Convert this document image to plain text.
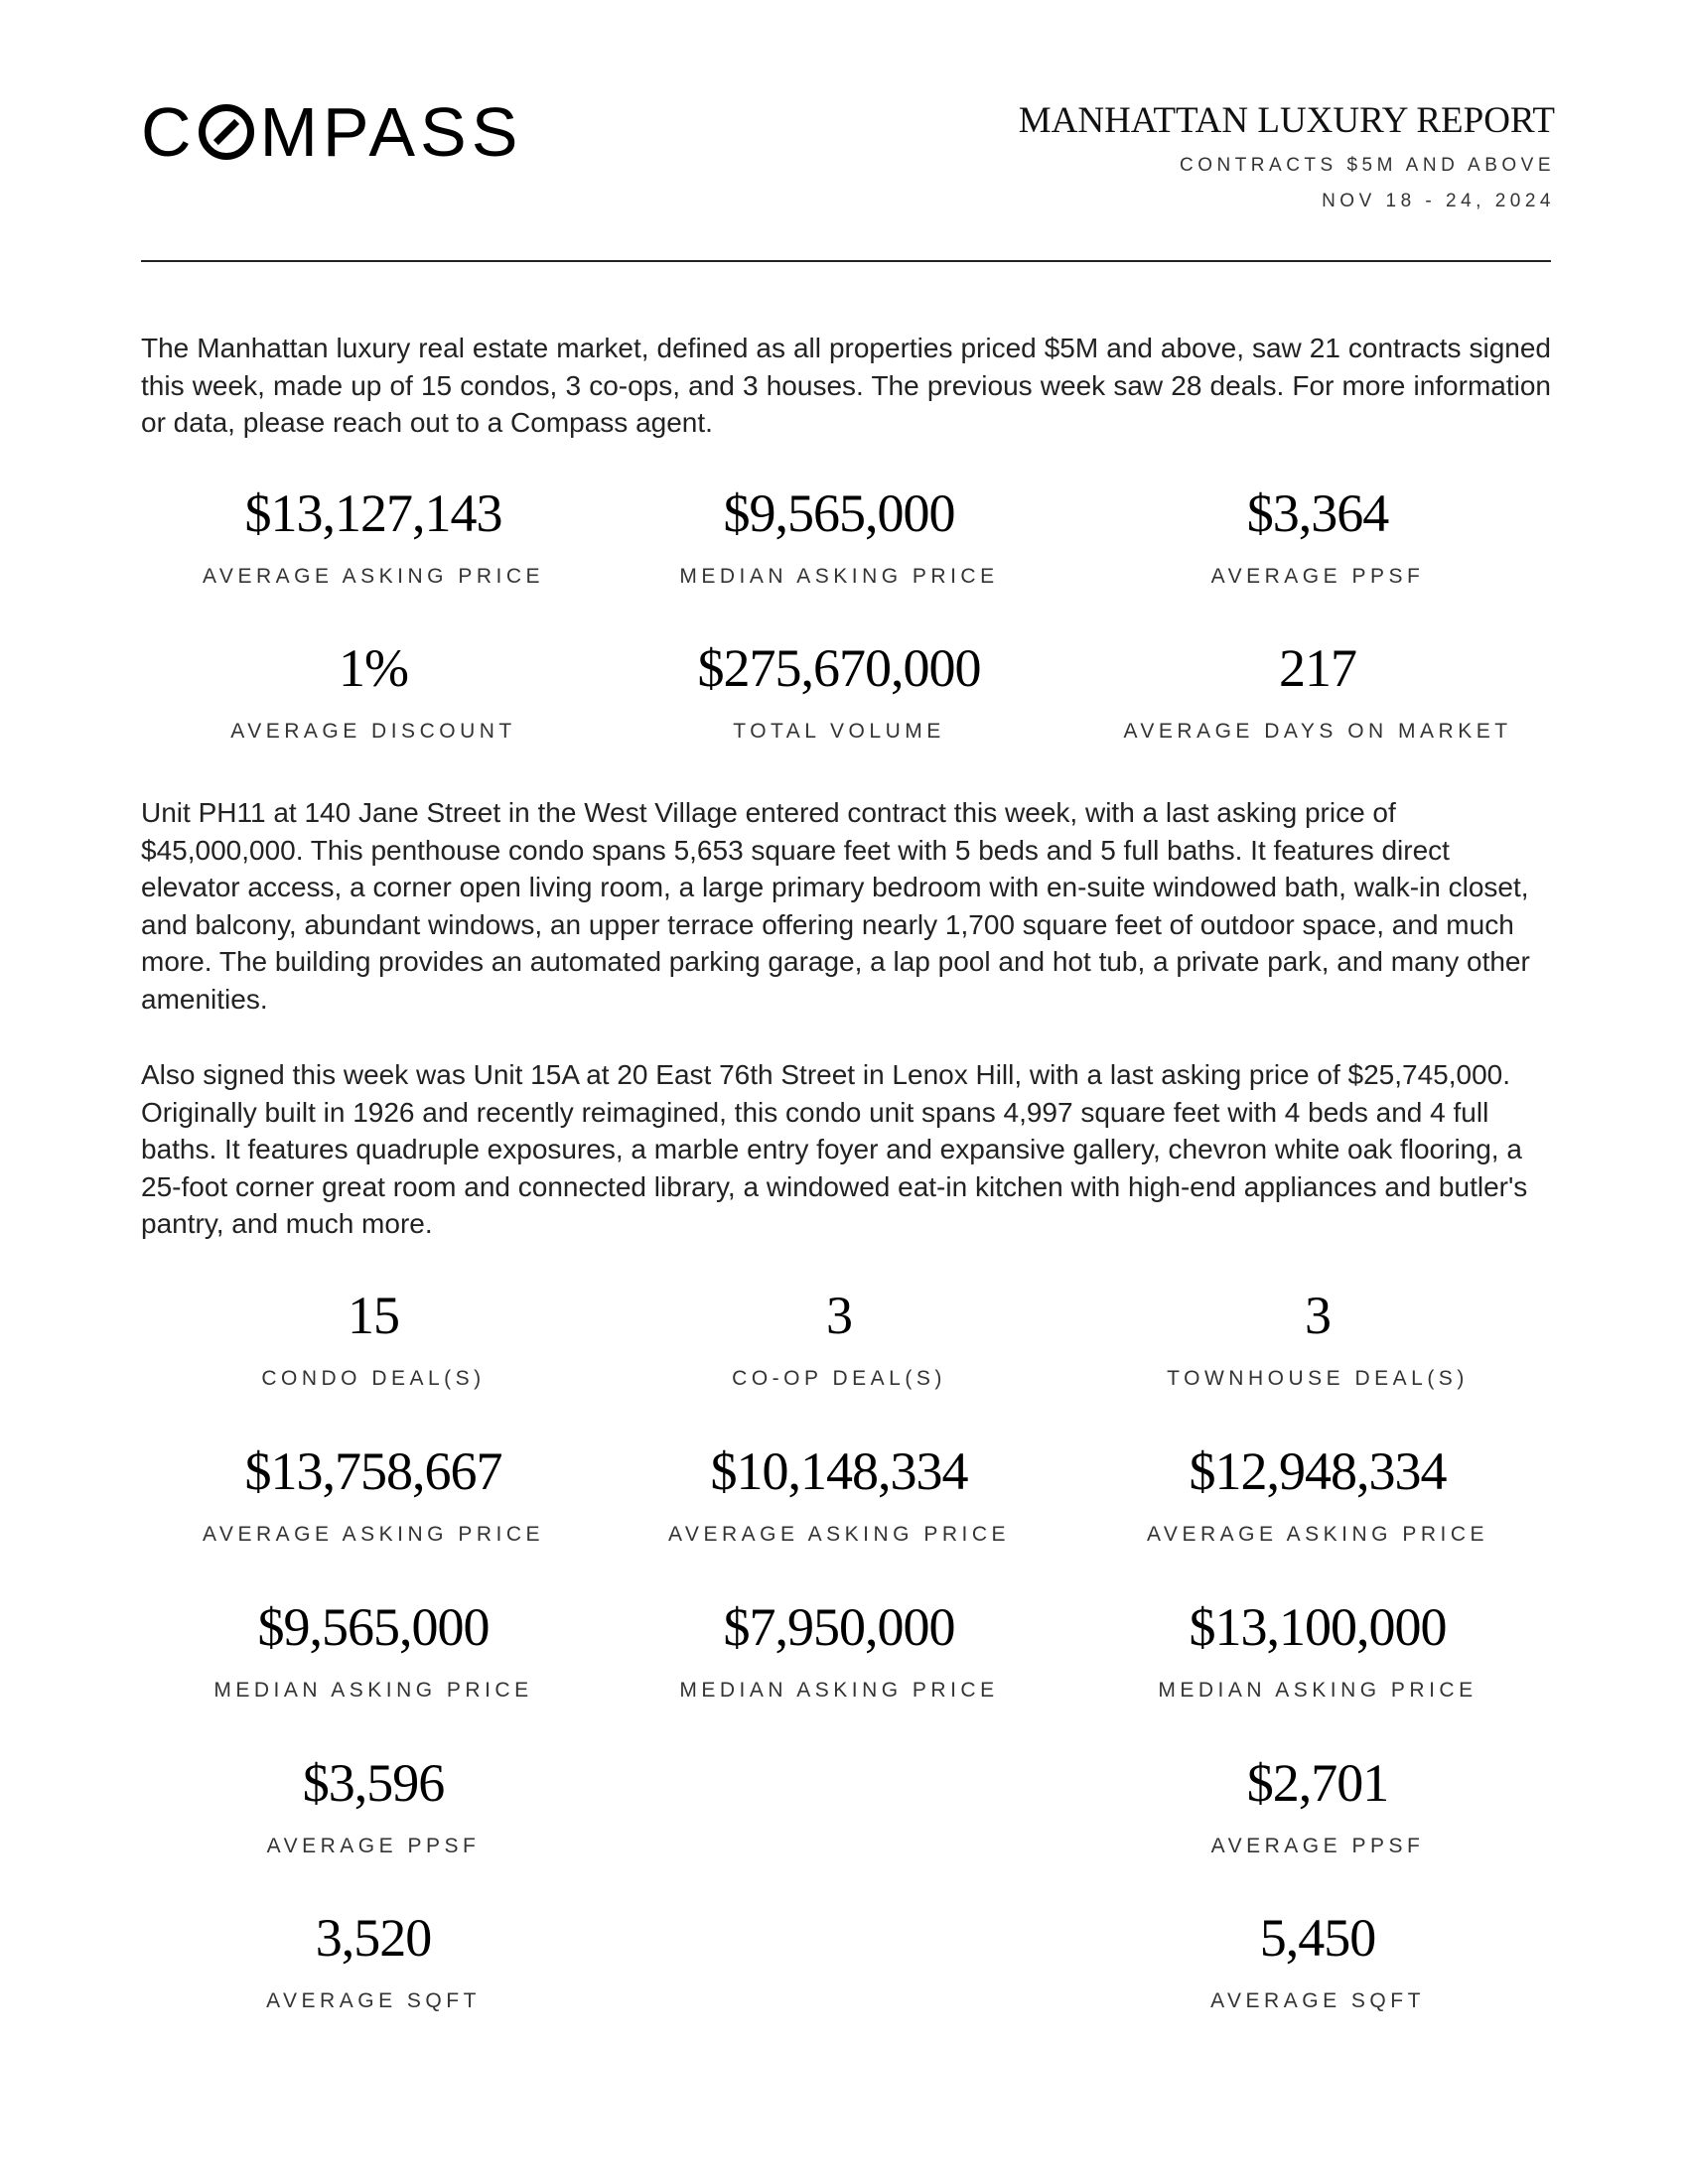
C MPASS	MANHATTAN LUXURY REPORT
CONTRACTS $5M AND ABOVE
NOV 18 - 24, 2024
The Manhattan luxury real estate market, defined as all properties priced $5M and above, saw 21 contracts signed this week, made up of 15 condos, 3 co-ops, and 3 houses. The previous week saw 28 deals. For more information or data, please reach out to a Compass agent.
$13,127,143
AVERAGE ASKING PRICE
$9,565,000
MEDIAN ASKING PRICE
$3,364
AVERAGE PPSF
1%
AVERAGE DISCOUNT
$275,670,000
TOTAL VOLUME
217
AVERAGE DAYS ON MARKET
Unit PH11 at 140 Jane Street in the West Village entered contract this week, with a last asking price of $45,000,000. This penthouse condo spans 5,653 square feet with 5 beds and 5 full baths. It features direct elevator access, a corner open living room, a large primary bedroom with en-suite windowed bath, walk-in closet, and balcony, abundant windows, an upper terrace offering nearly 1,700 square feet of outdoor space, and much more. The building provides an automated parking garage, a lap pool and hot tub, a private park, and many other amenities.
Also signed this week was Unit 15A at 20 East 76th Street in Lenox Hill, with a last asking price of $25,745,000. Originally built in 1926 and recently reimagined, this condo unit spans 4,997 square feet with 4 beds and 4 full baths. It features quadruple exposures, a marble entry foyer and expansive gallery, chevron white oak flooring, a 25-foot corner great room and connected library, a windowed eat-in kitchen with high-end appliances and butler's pantry, and much more.
15
CONDO DEAL(S)
$13,758,667
AVERAGE ASKING PRICE
$9,565,000
MEDIAN ASKING PRICE
$3,596
AVERAGE PPSF
3,520
AVERAGE SQFT
3
CO-OP DEAL(S)
$10,148,334
AVERAGE ASKING PRICE
$7,950,000
MEDIAN ASKING PRICE
3
TOWNHOUSE DEAL(S)
$12,948,334
AVERAGE ASKING PRICE
$13,100,000
MEDIAN ASKING PRICE
$2,701
AVERAGE PPSF
5,450
AVERAGE SQFT
